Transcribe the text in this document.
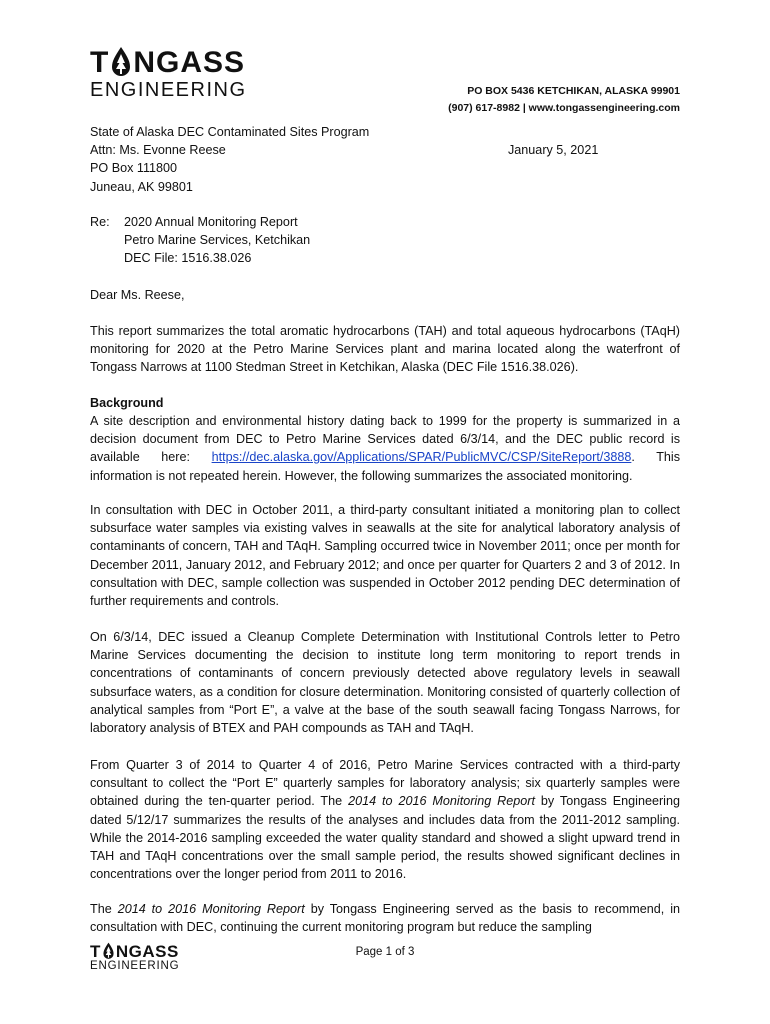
T NGASS
ENGINEERING	PO BOX 5436 KETCHIKAN, ALASKA 99901
(907) 617-8982 | www.tongassengineering.com
State of Alaska DEC Contaminated Sites Program
Attn: Ms. Evonne Reese
PO Box 111800
Juneau, AK 99801
January 5, 2021
Re:	2020 Annual Monitoring Report
Petro Marine Services, Ketchikan
DEC File: 1516.38.026
Dear Ms. Reese,
This report summarizes the total aromatic hydrocarbons (TAH) and total aqueous hydrocarbons (TAqH) monitoring for 2020 at the Petro Marine Services plant and marina located along the waterfront of Tongass Narrows at 1100 Stedman Street in Ketchikan, Alaska (DEC File 1516.38.026).
Background
A site description and environmental history dating back to 1999 for the property is summarized in a decision document from DEC to Petro Marine Services dated 6/3/14, and the DEC public record is available here: https://dec.alaska.gov/Applications/SPAR/PublicMVC/CSP/SiteReport/3888. This information is not repeated herein. However, the following summarizes the associated monitoring.
In consultation with DEC in October 2011, a third-party consultant initiated a monitoring plan to collect subsurface water samples via existing valves in seawalls at the site for analytical laboratory analysis of contaminants of concern, TAH and TAqH. Sampling occurred twice in November 2011; once per month for December 2011, January 2012, and February 2012; and once per quarter for Quarters 2 and 3 of 2012. In consultation with DEC, sample collection was suspended in October 2012 pending DEC determination of further requirements and controls.
On 6/3/14, DEC issued a Cleanup Complete Determination with Institutional Controls letter to Petro Marine Services documenting the decision to institute long term monitoring to report trends in concentrations of contaminants of concern previously detected above regulatory levels in seawall subsurface waters, as a condition for closure determination. Monitoring consisted of quarterly collection of analytical samples from “Port E”, a valve at the base of the south seawall facing Tongass Narrows, for laboratory analysis of BTEX and PAH compounds as TAH and TAqH.
From Quarter 3 of 2014 to Quarter 4 of 2016, Petro Marine Services contracted with a third-party consultant to collect the “Port E” quarterly samples for laboratory analysis; six quarterly samples were obtained during the ten-quarter period. The 2014 to 2016 Monitoring Report by Tongass Engineering dated 5/12/17 summarizes the results of the analyses and includes data from the 2011-2012 sampling. While the 2014-2016 sampling exceeded the water quality standard and showed a slight upward trend in TAH and TAqH concentrations over the small sample period, the results showed significant declines in concentrations over the longer period from 2011 to 2016.
The 2014 to 2016 Monitoring Report by Tongass Engineering served as the basis to recommend, in consultation with DEC, continuing the current monitoring program but reduce the sampling
T NGASS
ENGINEERING
Page 1 of 3
